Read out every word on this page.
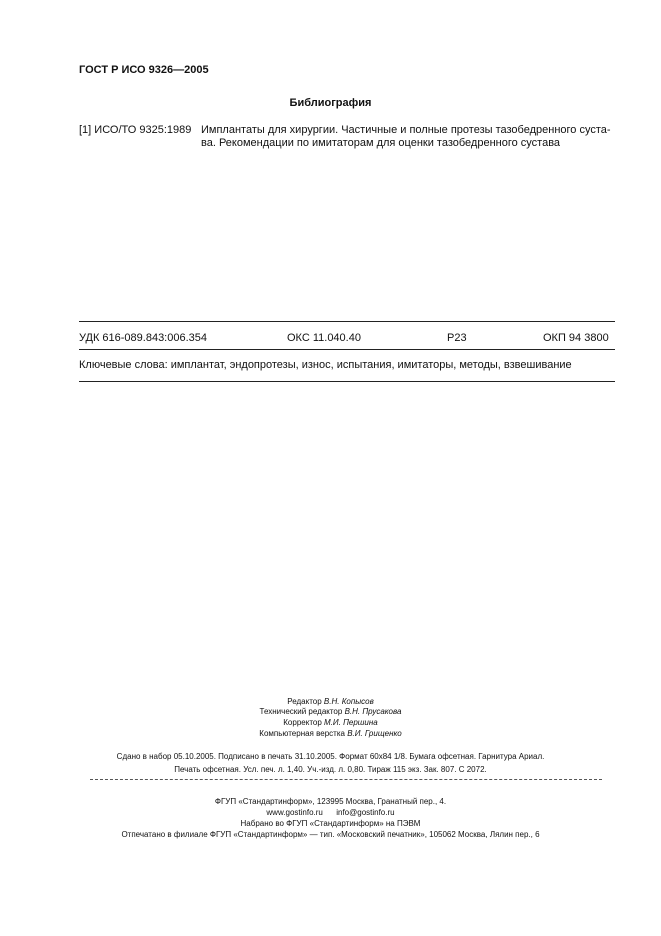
ГОСТ Р ИСО 9326—2005
Библиография
[1] ИСО/ТО 9325:1989 Имплантаты для хирургии. Частичные и полные протезы тазобедренного суста-
ва. Рекомендации по имитаторам для оценки тазобедренного сустава
УДК 616-089.843:006.354	ОКС 11.040.40	Р23	ОКП 94 3800
Ключевые слова: имплантат, эндопротезы, износ, испытания, имитаторы, методы, взвешивание
Редактор В.Н. Копысов
Технический редактор В.Н. Прусакова
Корректор М.И. Першина
Компьютерная верстка В.И. Грищенко
Сдано в набор 05.10.2005. Подписано в печать 31.10.2005. Формат 60x84 1/8. Бумага офсетная. Гарнитура Ариал.
Печать офсетная. Усл. печ. л. 1,40. Уч.-изд. л. 0,80. Тираж 115 экз. Зак. 807. С 2072.
ФГУП «Стандартинформ», 123995 Москва, Гранатный пер., 4.
www.gostinfo.ru info@gostinfo.ru
Набрано во ФГУП «Стандартинформ» на ПЭВМ
Отпечатано в филиале ФГУП «Стандартинформ» — тип. «Московский печатник», 105062 Москва, Лялин пер., 6
